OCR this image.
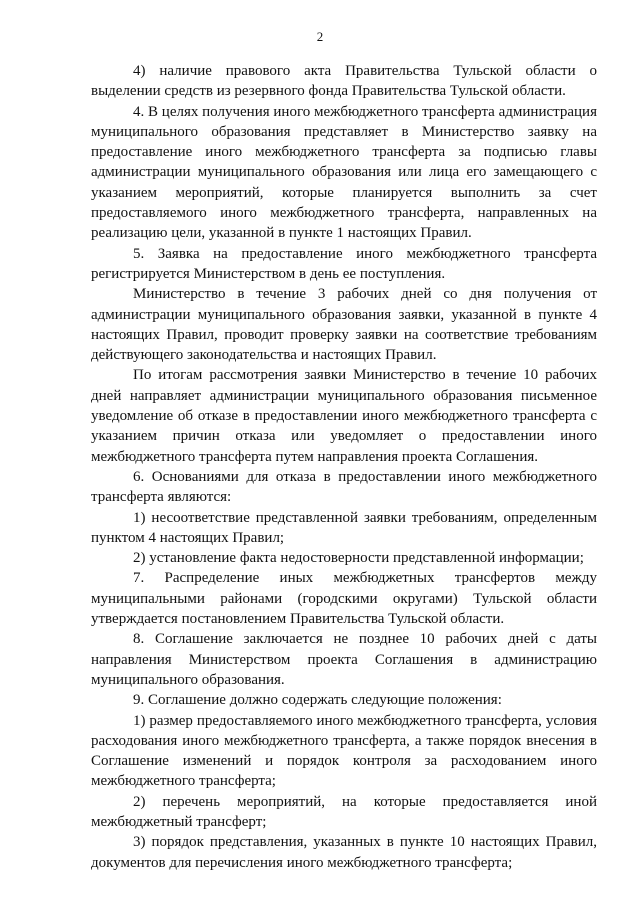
2

4) наличие правового акта Правительства Тульской области о выделении средств из резервного фонда Правительства Тульской области.

4. В целях получения иного межбюджетного трансферта администрация муниципального образования представляет в Министерство заявку на предоставление иного межбюджетного трансферта за подписью главы администрации муниципального образования или лица его замещающего с указанием мероприятий, которые планируется выполнить за счет предоставляемого иного межбюджетного трансферта, направленных на реализацию цели, указанной в пункте 1 настоящих Правил.

5. Заявка на предоставление иного межбюджетного трансферта регистрируется Министерством в день ее поступления.

Министерство в течение 3 рабочих дней со дня получения от администрации муниципального образования заявки, указанной в пункте 4 настоящих Правил, проводит проверку заявки на соответствие требованиям действующего законодательства и настоящих Правил.

По итогам рассмотрения заявки Министерство в течение 10 рабочих дней направляет администрации муниципального образования письменное уведомление об отказе в предоставлении иного межбюджетного трансферта с указанием причин отказа или уведомляет о предоставлении иного межбюджетного трансферта путем направления проекта Соглашения.

6. Основаниями для отказа в предоставлении иного межбюджетного трансферта являются:

1) несоответствие представленной заявки требованиям, определенным пунктом 4 настоящих Правил;

2) установление факта недостоверности представленной информации;

7. Распределение иных межбюджетных трансфертов между муниципальными районами (городскими округами) Тульской области утверждается постановлением Правительства Тульской области.

8. Соглашение заключается не позднее 10 рабочих дней с даты направления Министерством проекта Соглашения в администрацию муниципального образования.

9. Соглашение должно содержать следующие положения:

1) размер предоставляемого иного межбюджетного трансферта, условия расходования иного межбюджетного трансферта, а также порядок внесения в Соглашение изменений и порядок контроля за расходованием иного межбюджетного трансферта;

2) перечень мероприятий, на которые предоставляется иной межбюджетный трансферт;

3) порядок представления, указанных в пункте 10 настоящих Правил, документов для перечисления иного межбюджетного трансферта;
